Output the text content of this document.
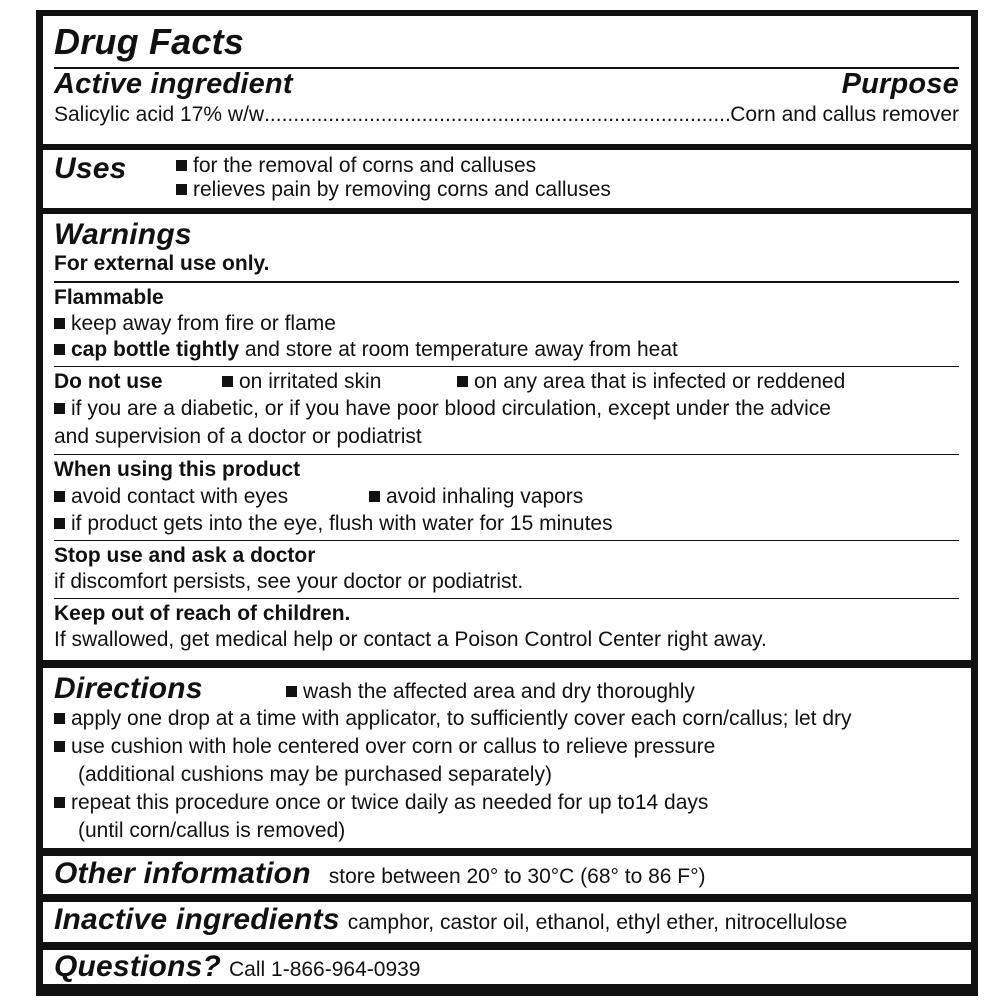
Drug Facts
Active ingredient	Purpose
Salicylic acid 17% w/w
.....	Corn and callus remover
Uses	for the removal of corns and calluses
relieves pain by removing corns and calluses
Warnings
For external use only.
Flammable
keep away from fire or flame
cap bottle tightly and store at room temperature away from heat
Do not use	on irritated skin	on any area that is infected or reddened
if you are a diabetic, or if you have poor blood circulation, except under the advice
and supervision of a doctor or podiatrist
When using this product
avoid contact with eyes	avoid inhaling vapors
if product gets into the eye, flush with water for 15 minutes
Stop use and ask a doctor
if discomfort persists, see your doctor or podiatrist.
Keep out of reach of children.
If swallowed, get medical help or contact a Poison Control Center right away.
Directions	wash the affected area and dry thoroughly
apply one drop at a time with applicator, to sufficiently cover each corn/callus; let dry
use cushion with hole centered over corn or callus to relieve pressure
(additional cushions may be purchased separately)
repeat this procedure once or twice daily as needed for up to14 days
(until corn/callus is removed)
Other information store between 20° to 30°C (68° to 86 F°)
Inactive ingredients camphor, castor oil, ethanol, ethyl ether, nitrocellulose
Questions? Call 1-866-964-0939
